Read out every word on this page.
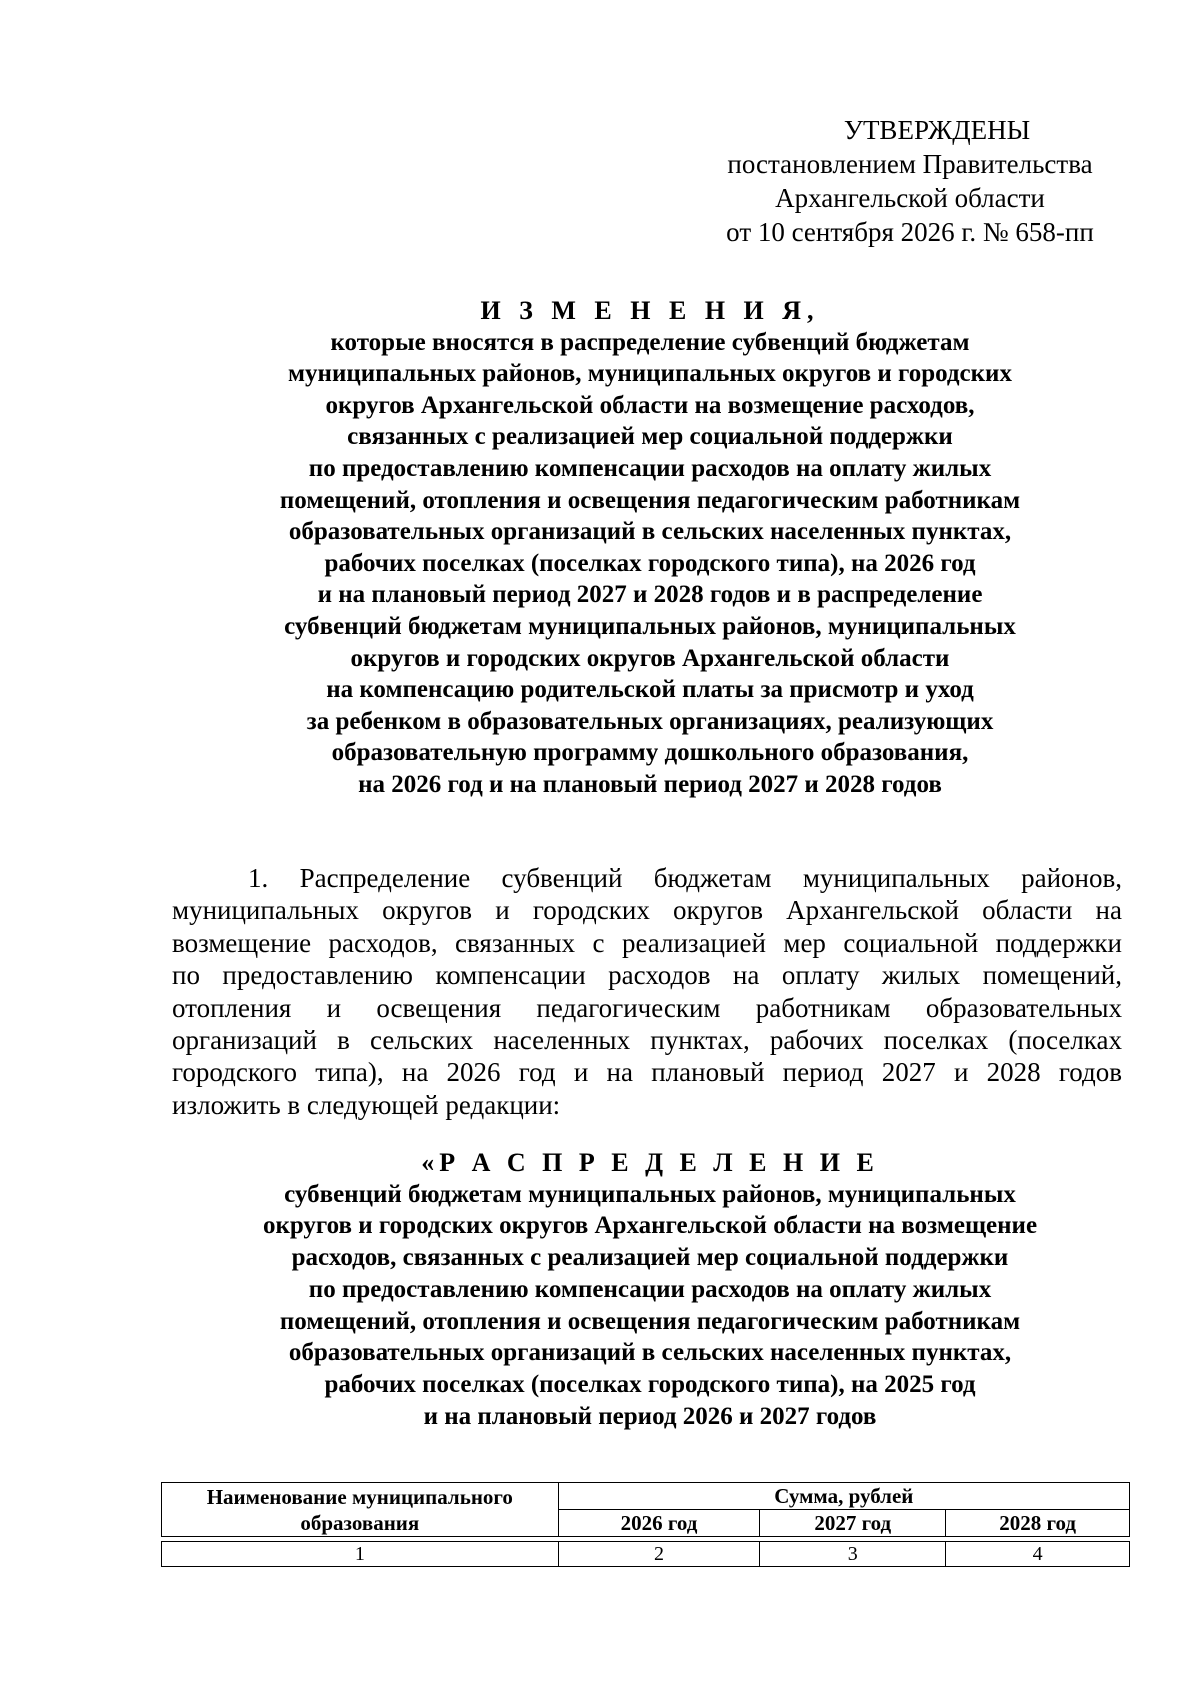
УТВЕРЖДЕНЫ
постановлением Правительства
Архангельской области
от 10 сентября 2026 г. № 658-пп
И З М Е Н Е Н И Я,
которые вносятся в распределение субвенций бюджетам
муниципальных районов, муниципальных округов и городских
округов Архангельской области на возмещение расходов,
связанных с реализацией мер социальной поддержки
по предоставлению компенсации расходов на оплату жилых
помещений, отопления и освещения педагогическим работникам
образовательных организаций в сельских населенных пунктах,
рабочих поселках (поселках городского типа), на 2026 год
и на плановый период 2027 и 2028 годов и в распределение
субвенций бюджетам муниципальных районов, муниципальных
округов и городских округов Архангельской области
на компенсацию родительской платы за присмотр и уход
за ребенком в образовательных организациях, реализующих
образовательную программу дошкольного образования,
на 2026 год и на плановый период 2027 и 2028 годов
1. Распределение субвенций бюджетам муниципальных районов,
муниципальных округов и городских округов Архангельской области на
возмещение расходов, связанных с реализацией мер социальной поддержки
по предоставлению компенсации расходов на оплату жилых помещений,
отопления и освещения педагогическим работникам образовательных
организаций в сельских населенных пунктах, рабочих поселках (поселках
городского типа), на 2026 год и на плановый период 2027 и 2028 годов
изложить в следующей редакции:
«Р А С П Р Е Д Е Л Е Н И Е
субвенций бюджетам муниципальных районов, муниципальных
округов и городских округов Архангельской области на возмещение
расходов, связанных с реализацией мер социальной поддержки
по предоставлению компенсации расходов на оплату жилых
помещений, отопления и освещения педагогическим работникам
образовательных организаций в сельских населенных пунктах,
рабочих поселках (поселках городского типа), на 2025 год
и на плановый период 2026 и 2027 годов
Наименование муниципального
образования	Сумма, рублей		
	2026 год	2027 год	2028 год

1	2	3	4
